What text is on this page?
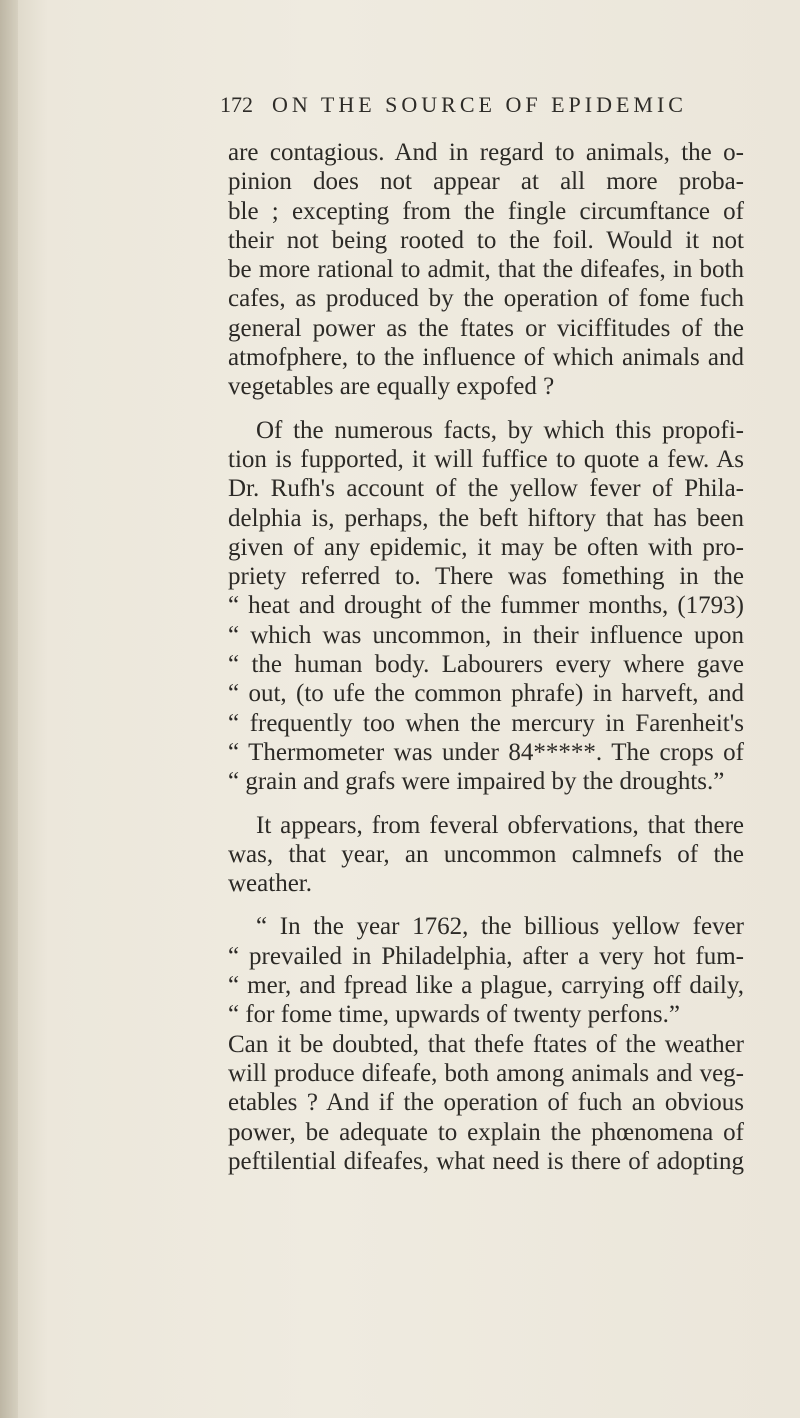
172 ON THE SOURCE OF EPIDEMIC
are contagious. And in regard to animals, the o-
pinion does not appear at all more proba-
ble ; excepting from the fingle circumftance of
their not being rooted to the foil. Would it not
be more rational to admit, that the difeafes, in both
cafes, as produced by the operation of fome fuch
general power as the ftates or viciffitudes of the
atmofphere, to the influence of which animals and
vegetables are equally expofed ?
Of the numerous facts, by which this propofi-
tion is fupported, it will fuffice to quote a few. As
Dr. Rufh's account of the yellow fever of Phila-
delphia is, perhaps, the beft hiftory that has been
given of any epidemic, it may be often with pro-
priety referred to. There was fomething in the
“ heat and drought of the fummer months, (1793)
“ which was uncommon, in their influence upon
“ the human body. Labourers every where gave
“ out, (to ufe the common phrafe) in harveft, and
“ frequently too when the mercury in Farenheit's
“ Thermometer was under 84*****. The crops of
“ grain and grafs were impaired by the droughts.”
It appears, from feveral obfervations, that there
was, that year, an uncommon calmnefs of the
weather.
“ In the year 1762, the billious yellow fever
“ prevailed in Philadelphia, after a very hot fum-
“ mer, and fpread like a plague, carrying off daily,
“ for fome time, upwards of twenty perfons.”
Can it be doubted, that thefe ftates of the weather
will produce difeafe, both among animals and veg-
etables ? And if the operation of fuch an obvious
power, be adequate to explain the phœnomena of
peftilential difeafes, what need is there of adopting
